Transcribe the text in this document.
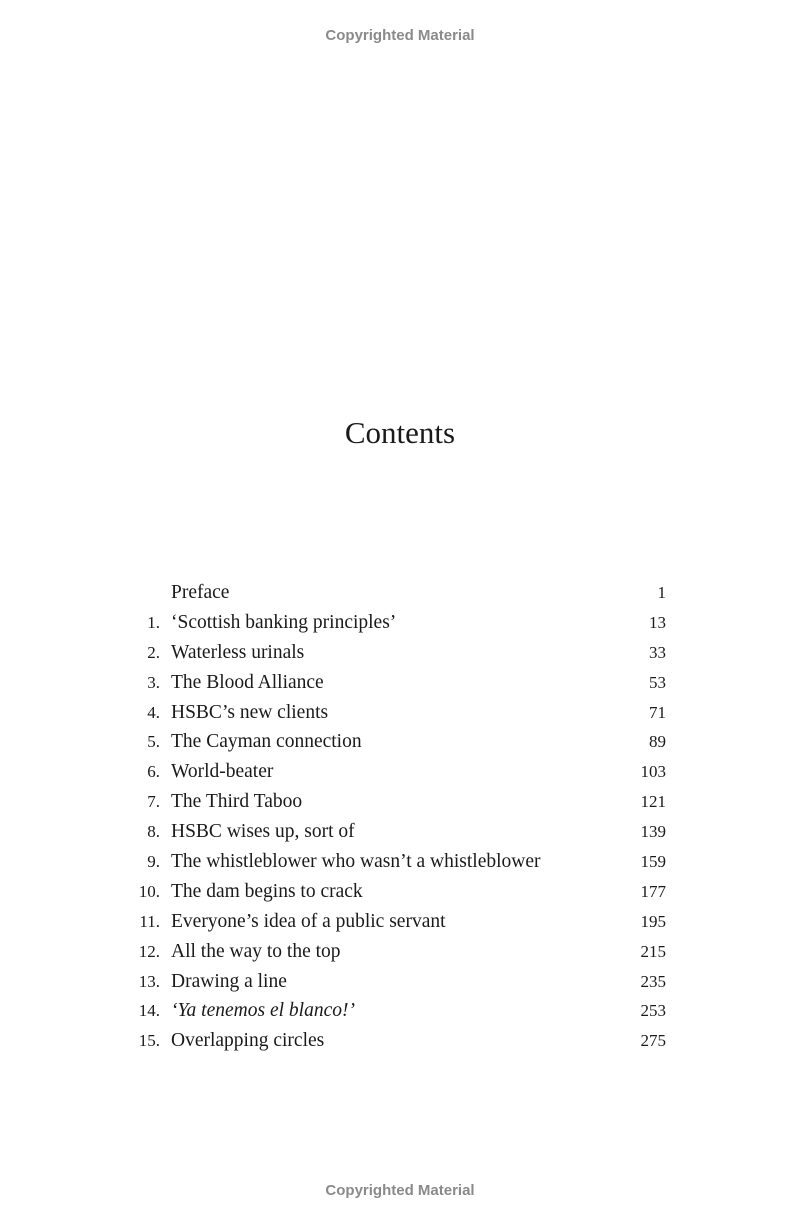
Copyrighted Material
Contents
Preface	1
1. ‘Scottish banking principles’	13
2. Waterless urinals	33
3. The Blood Alliance	53
4. HSBC’s new clients	71
5. The Cayman connection	89
6. World-beater	103
7. The Third Taboo	121
8. HSBC wises up, sort of	139
9. The whistleblower who wasn’t a whistleblower	159
10. The dam begins to crack	177
11. Everyone’s idea of a public servant	195
12. All the way to the top	215
13. Drawing a line	235
14. ‘Ya tenemos el blanco!’	253
15. Overlapping circles	275
Copyrighted Material
